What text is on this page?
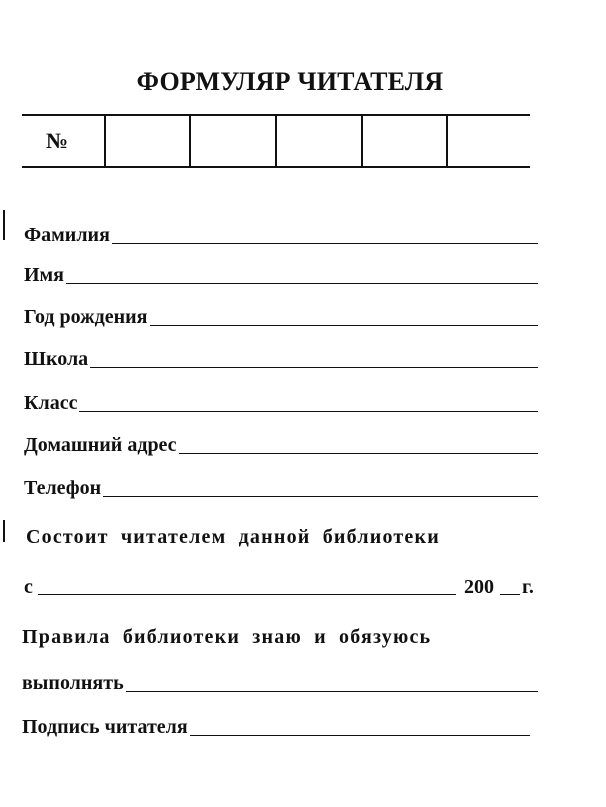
ФОРМУЛЯР ЧИТАТЕЛЯ
№
Фамилия
Имя
Год рождения
Школа
Класс
Домашний адрес
Телефон
Состоит читателем данной библиотеки
с	200 г.
Правила библиотеки знаю и обязуюсь
выполнять
Подпись читателя
